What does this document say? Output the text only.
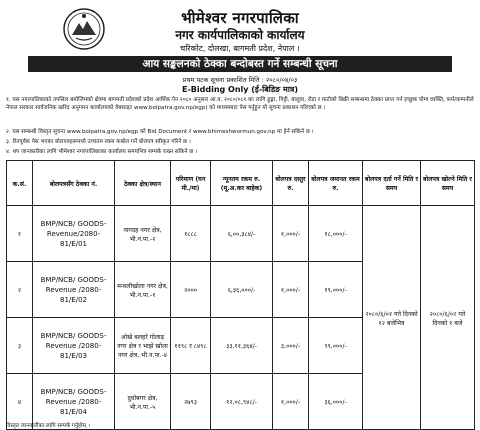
भीमेश्वर नगरपालिका
नगर कार्यपालिकाको कार्यालय
चरिकोट, दोलखा, बागमती प्रदेश, नेपाल ।
आय सङ्कलनको ठेक्का बन्दोबस्त गर्ने सम्बन्धी सूचना
प्रथम पटक सूचना प्रकाशित मिति : २०८०/०४/०३
E-Bidding Only (ई-बिडिङ मात्र)
१. यस नगरपालिकाको तपसिल बमोजिमको क्षेत्रमा बागमती प्रदेशको प्रदेश आर्थिक ऐन २०८० अनुसार आ.व. २०८०/०८१ का लागि ढुङ्गा, गिट्टी, बालुवा, रोडा र माटोको बिक्री सम्बन्धमा ठेक्का प्राप्त गर्न इच्छुक योग्य व्यक्ति, फर्म/कम्पनीले नेपाल सरकार सार्वजनिक खरिद अनुगमन कार्यालयको वेबसाइट www.bolpatra.gov.np/egp) को माध्यमबाट पेस गर्नुहुन यो सूचना प्रकाशन गरिएको छ ।
२. यस सम्बन्धी विस्तृत सूचना www.bolpatra.gov.np/egp को Bid Document र www.bhimeshwormun.gov.np मा हेर्न सकिने छ ।
३. रीतपूर्वक पेस भएका बोलपत्रहरूमध्ये उच्चतम रकम कबोल गर्ने बोलपत्र स्वीकृत गरिने छ ।
४. थप जानकारीका लागि भीमेश्वर नगरपालिकाका कार्यालय समयभित्र सम्पर्क राख्न सकिने छ ।
क.सं.	बोलपत्रसँग ठेक्का नं.	ठेक्का क्षेत्र/स्थान	परिमाण (घन मी./मा)	न्यूनतम रकम रु. (मू.अ.कर बाहेक)	बोलपत्र दस्तुर रु.	बोलपत्र जमानत रकम रु.	बोलपत्र दर्ता गर्ने मिति र समय	बोलपत्र खोल्ने मिति र समय
१	BMP/NCB/ GOODS- Revenue/2080- 81/E/01	नागदह नगर क्षेत्र, भी.न.पा.-२	१८८८	६,००,३८४/-	१,०००/-	१८,०००/-	२०८०/६/०२ गते दिनको १२ बजेभित्र	२०८०/६/०२ गते दिनको १ बजे
२	BMP/NCB/ GOODS- Revenue /2080- 81/E/02	मन्थलीखोला नगर क्षेत्र, भी.न.पा.-१	२०००	६,३६,०००/-	१,०००/-	१९,०००/-		
३	BMP/NCB/ GOODS- Revenue /2080- 81/E/03	ओखे बलहरे गोलाढ नगर क्षेत्र र भाझे खोला नगर क्षेत्र, भी.न.पा.-४	११९८ र ८४९८	३३,११,३६४/-	३,०००/-	९९,०००/-		
४	BMP/NCB/ GOODS- Revenue /2080- 81/E/04	दुधोबगर क्षेत्र, भी.न.पा.-५	२७९३	१२,०८,९४८/-	१,०००/-	३६,०००/-		
विस्तृत जानकारीका लागि सम्पर्क गर्नुहोस् ।
